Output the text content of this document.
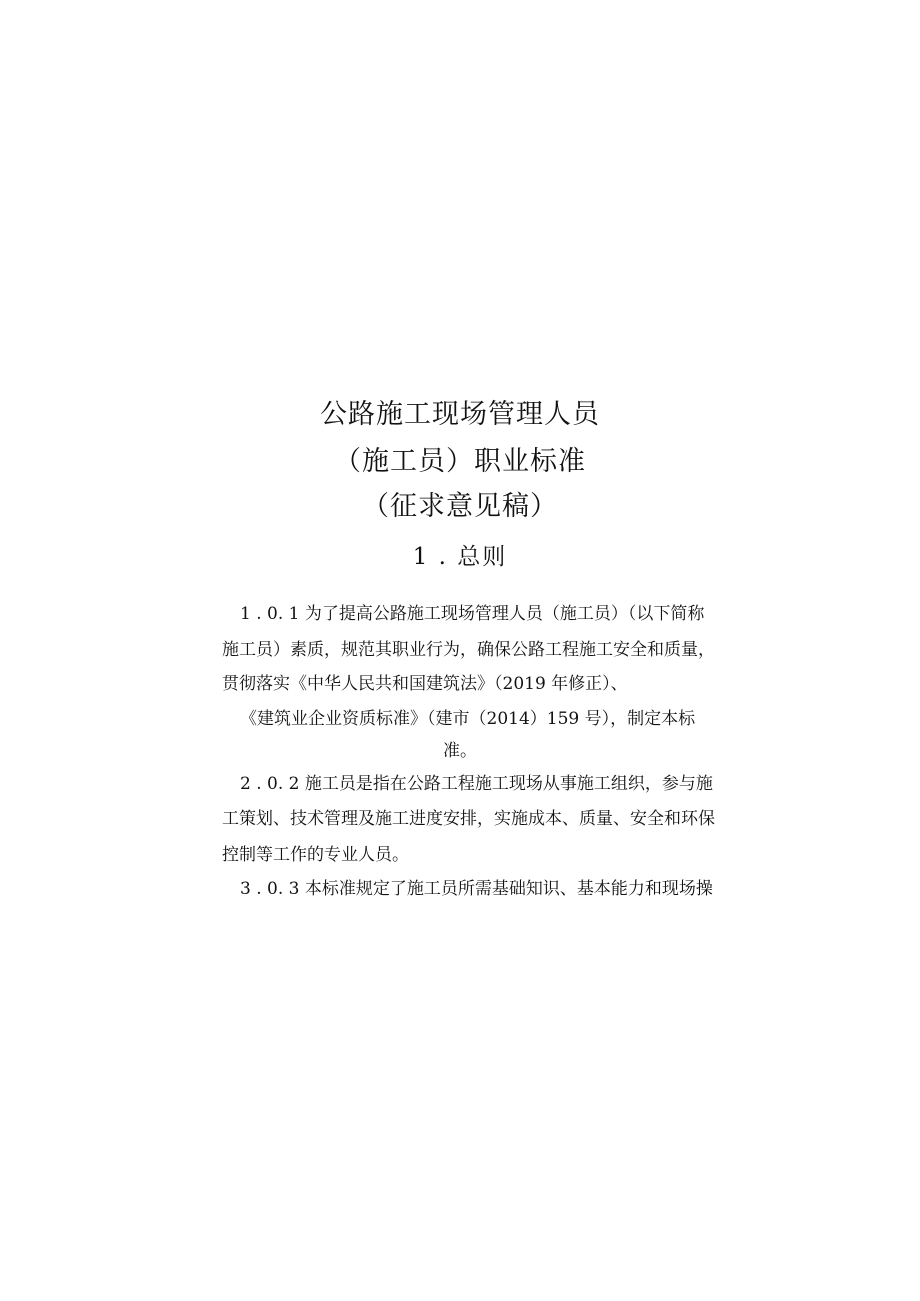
公路施工现场管理人员
（施工员）职业标准
（征求意见稿）
1 . 总则
1 . 0. 1 为了提高公路施工现场管理人员（施工员）（以下简称
施工员）素质，规范其职业行为，确保公路工程施工安全和质量，
贯彻落实《中华人民共和国建筑法》（2019 年修正）、
《建筑业企业资质标准》（建市（2014）159 号），制定本标
准。
2 . 0. 2 施工员是指在公路工程施工现场从事施工组织，参与施
工策划、技术管理及施工进度安排，实施成本、质量、安全和环保
控制等工作的专业人员。
3 . 0. 3 本标准规定了施工员所需基础知识、基本能力和现场操
